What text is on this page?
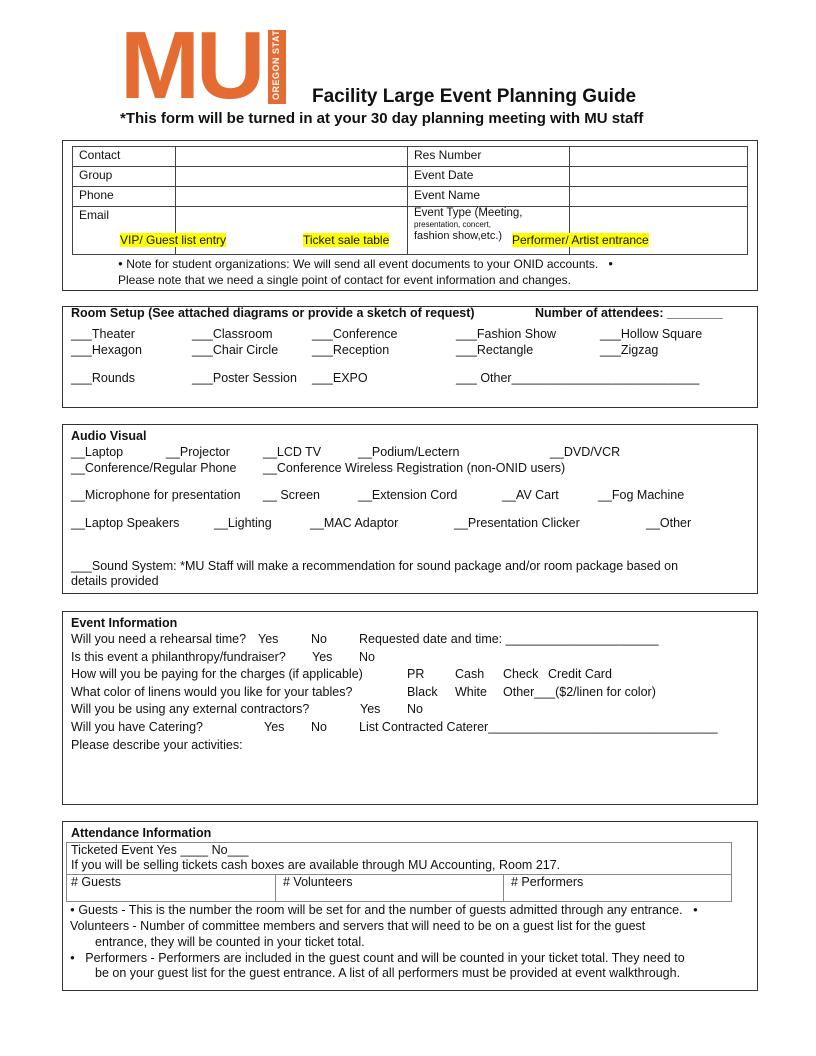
MU OREGON STATE Facility Large Event Planning Guide
*This form will be turned in at your 30 day planning meeting with MU staff
Contact		Res Number	
Group		Event Date	
Phone		Event Name	
Email		Event Type (Meeting,
presentation, concert,
fashion show,etc.)	

VIP/ Guest list entry	Ticket sale table	Performer/ Artist entrance
● Note for student organizations: We will send all event documents to your ONID accounts. ●
Please note that we need a single point of contact for event information and changes.
Room Setup (See attached diagrams or provide a sketch of request)	Number of attendees: ________
___Theater	___Classroom	___Conference	___Fashion Show	___Hollow Square
___Hexagon	___Chair Circle	___Reception	___Rectangle	___Zigzag
___Rounds	___Poster Session ___EXPO	___ Other___________________________
Audio Visual
__Laptop	__Projector	__LCD TV	__Podium/Lectern	__DVD/VCR
__Conference/Regular Phone __Conference Wireless Registration (non-ONID users)
__Microphone for presentation __ Screen	__Extension Cord	__AV Cart	__Fog Machine
__Laptop Speakers	__Lighting	__MAC Adaptor	__Presentation Clicker	__Other
___Sound System: *MU Staff will make a recommendation for sound package and/or room package based on
details provided
Event Information
Will you need a rehearsal time? Yes	No	Requested date and time: ______________________
Is this event a philanthropy/fundraiser? Yes No
How will you be paying for the charges (if applicable)	PR Cash Check Credit Card
What color of linens would you like for your tables?	Black White Other___($2/linen for color)
Will you be using any external contractors?	Yes No
Will you have Catering?	Yes No	List Contracted Caterer_________________________________
Please describe your activities:
Attendance Information
Ticketed Event Yes ____ No___
If you will be selling tickets cash boxes are available through MU Accounting, Room 217.
# Guests	# Volunteers	# Performers
● Guests - This is the number the room will be set for and the number of guests admitted through any entrance. ●
Volunteers - Number of committee members and servers that will need to be on a guest list for the guest
entrance, they will be counted in your ticket total.
● Performers - Performers are included in the guest count and will be counted in your ticket total. They need to
be on your guest list for the guest entrance. A list of all performers must be provided at event walkthrough.
